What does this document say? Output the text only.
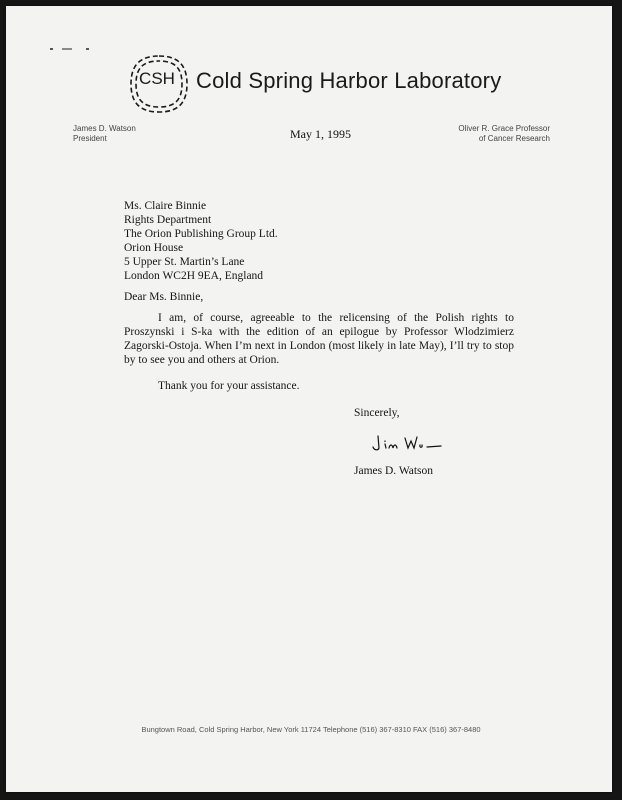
CSH Cold Spring Harbor Laboratory
James D. Watson
President	May 1, 1995	Oliver R. Grace Professor
of Cancer Research
Ms. Claire Binnie
Rights Department
The Orion Publishing Group Ltd.
Orion House
5 Upper St. Martin’s Lane
London WC2H 9EA, England
Dear Ms. Binnie,
I am, of course, agreeable to the relicensing of the Polish rights to Proszynski i S-ka with the edition of an epilogue by Professor Wlodzimierz Zagorski-Ostoja. When I’m next in London (most likely in late May), I’ll try to stop by to see you and others at Orion.
Thank you for your assistance.
Sincerely,
James D. Watson
Bungtown Road, Cold Spring Harbor, New York 11724 Telephone (516) 367-8310 FAX (516) 367-8480
